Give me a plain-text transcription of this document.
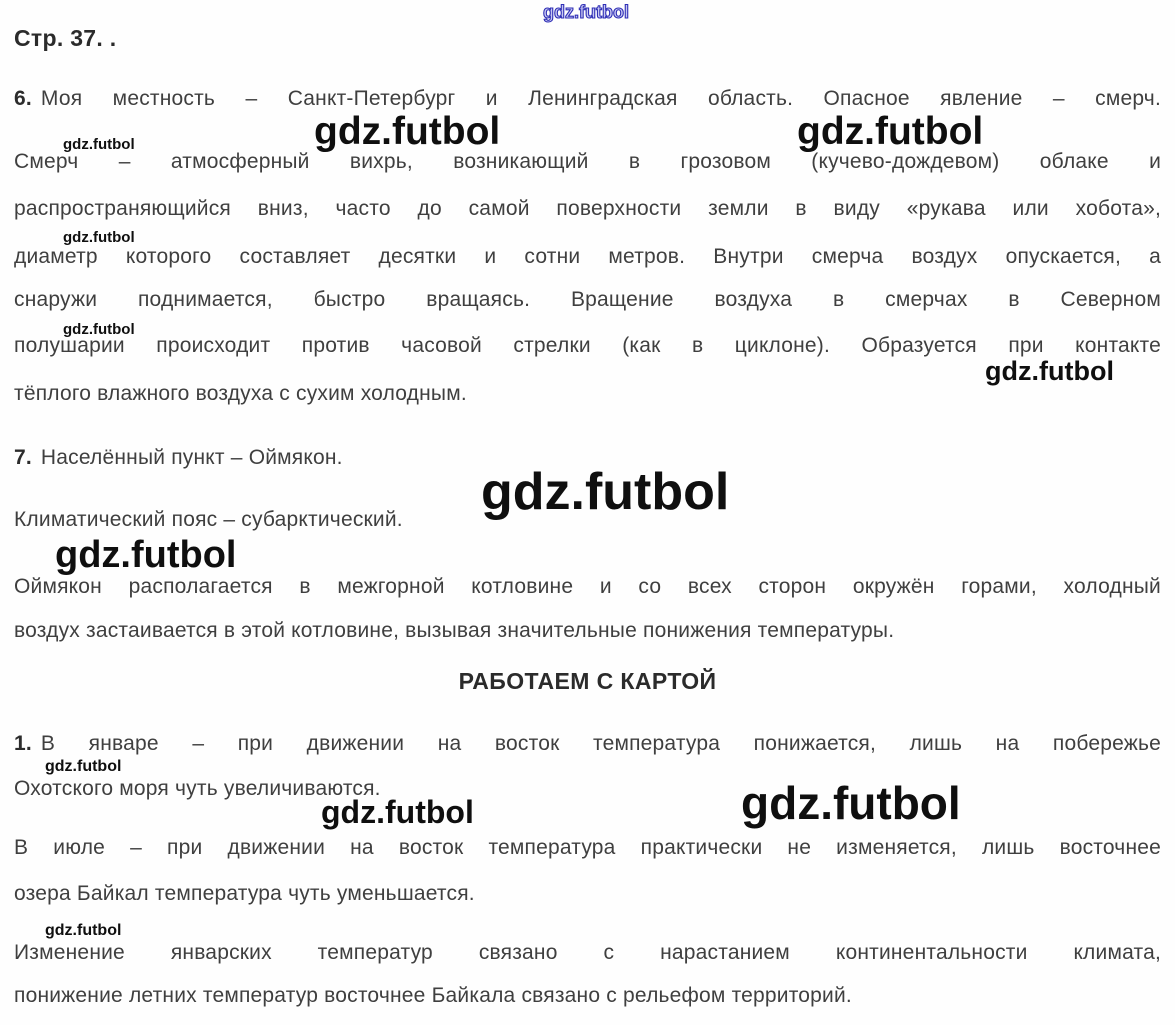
gdz.futbol
gdz.futbol	gdz.futbol
gdz.futbol
gdz.futbol
gdz.futbol
gdz.futbol
gdz.futbol
gdz.futbol
gdz.futbol
gdz.futbol	gdz.futbol
gdz.futbol
Стр. 37. .
6. Моя местность – Санкт-Петербург и Ленинградская область. Опасное явление – смерч.
Смерч – атмосферный вихрь, возникающий в грозовом (кучево-дождевом) облаке и
распространяющийся вниз, часто до самой поверхности земли в виду «рукава или хобота»,
диаметр которого составляет десятки и сотни метров. Внутри смерча воздух опускается, а
снаружи поднимается, быстро вращаясь. Вращение воздуха в смерчах в Северном
полушарии происходит против часовой стрелки (как в циклоне). Образуется при контакте
тёплого влажного воздуха с сухим холодным.
7. Населённый пункт – Оймякон.
Климатический пояс – субарктический.
Оймякон располагается в межгорной котловине и со всех сторон окружён горами, холодный
воздух застаивается в этой котловине, вызывая значительные понижения температуры.
РАБОТАЕМ С КАРТОЙ
1. В январе – при движении на восток температура понижается, лишь на побережье
Охотского моря чуть увеличиваются.
В июле – при движении на восток температура практически не изменяется, лишь восточнее
озера Байкал температура чуть уменьшается.
Изменение январских температур связано с нарастанием континентальности климата,
понижение летних температур восточнее Байкала связано с рельефом территорий.
